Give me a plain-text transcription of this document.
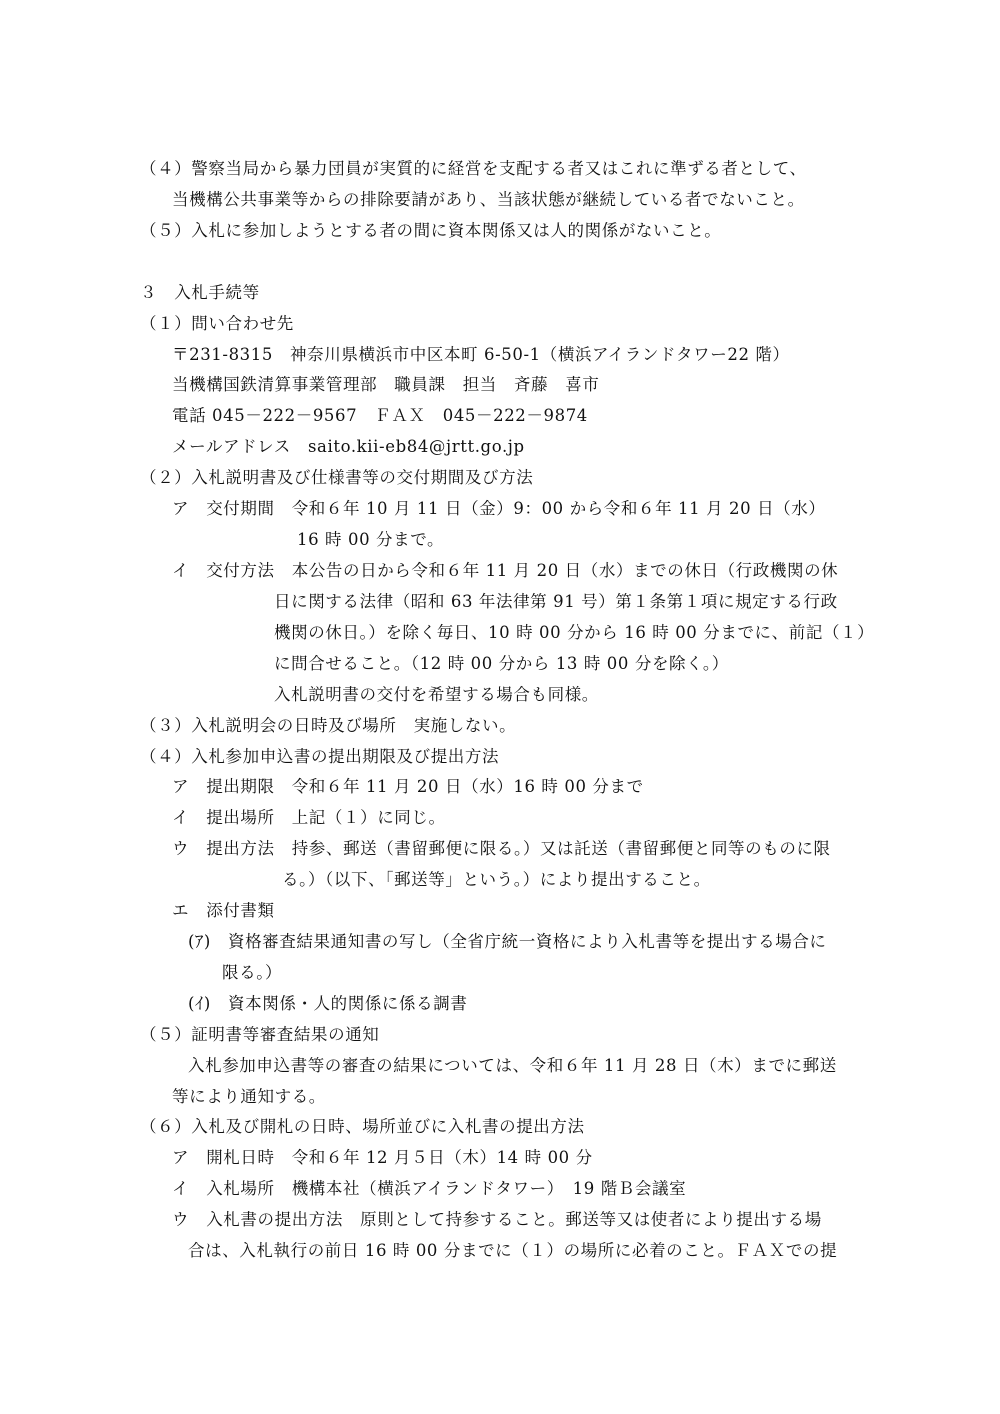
（４）警察当局から暴力団員が実質的に経営を支配する者又はこれに準ずる者として、
当機構公共事業等からの排除要請があり、当該状態が継続している者でないこと。
（５）入札に参加しようとする者の間に資本関係又は人的関係がないこと。
３　入札手続等
（１）問い合わせ先
〒231-8315　神奈川県横浜市中区本町 6-50-1（横浜アイランドタワー22 階）
当機構国鉄清算事業管理部　職員課　担当　斉藤　喜市
電話 045－222－9567　ＦＡＸ　045－222－9874
メールアドレス　saito.kii-eb84@jrtt.go.jp
（２）入札説明書及び仕様書等の交付期間及び方法
ア　交付期間　令和６年 10 月 11 日（金）9：00 から令和６年 11 月 20 日（水）
16 時 00 分まで。
イ　交付方法　本公告の日から令和６年 11 月 20 日（水）までの休日（行政機関の休
日に関する法律（昭和 63 年法律第 91 号）第１条第１項に規定する行政
機関の休日。）を除く毎日、10 時 00 分から 16 時 00 分までに、前記（１）
に問合せること。（12 時 00 分から 13 時 00 分を除く。）
入札説明書の交付を希望する場合も同様。
（３）入札説明会の日時及び場所　実施しない。
（４）入札参加申込書の提出期限及び提出方法
ア　提出期限　令和６年 11 月 20 日（水）16 時 00 分まで
イ　提出場所　上記（１）に同じ。
ウ　提出方法　持参、郵送（書留郵便に限る。）又は託送（書留郵便と同等のものに限
る。）（以下、「郵送等」という。）により提出すること。
エ　添付書類
(ｱ)　資格審査結果通知書の写し（全省庁統一資格により入札書等を提出する場合に
限る。）
(ｲ)　資本関係・人的関係に係る調書
（５）証明書等審査結果の通知
入札参加申込書等の審査の結果については、令和６年 11 月 28 日（木）までに郵送
等により通知する。
（６）入札及び開札の日時、場所並びに入札書の提出方法
ア　開札日時　令和６年 12 月５日（木）14 時 00 分
イ　入札場所　機構本社（横浜アイランドタワー）　19 階Ｂ会議室
ウ　入札書の提出方法　原則として持参すること。郵送等又は使者により提出する場
合は、入札執行の前日 16 時 00 分までに（１）の場所に必着のこと。ＦＡＸでの提
